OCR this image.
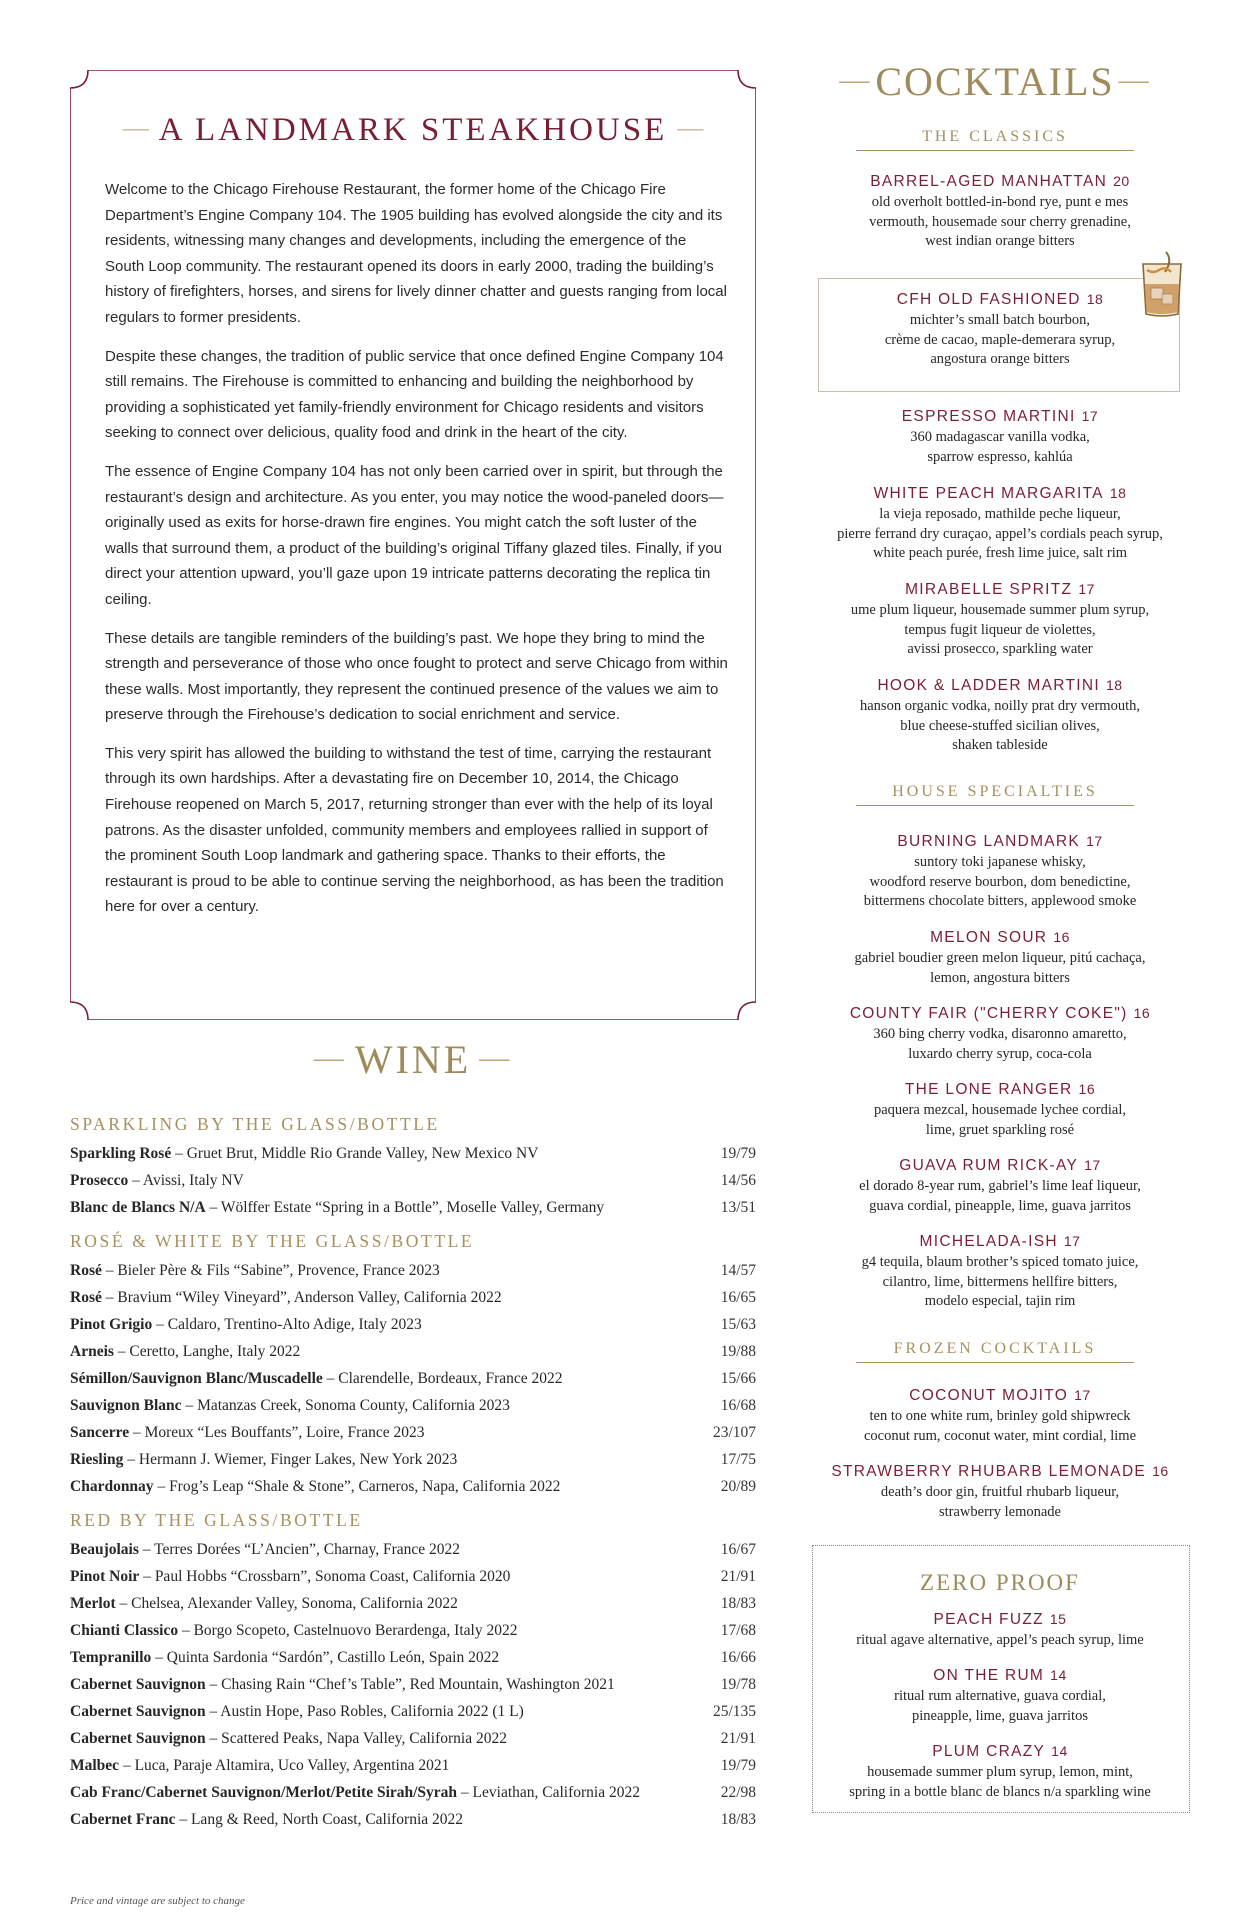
— A LANDMARK STEAKHOUSE —

Welcome to the Chicago Firehouse Restaurant, the former home of the Chicago Fire Department’s Engine Company 104. The 1905 building has evolved alongside the city and its residents, witnessing many changes and developments, including the emergence of the South Loop community. The restaurant opened its doors in early 2000, trading the building’s history of firefighters, horses, and sirens for lively dinner chatter and guests ranging from local regulars to former presidents.

Despite these changes, the tradition of public service that once defined Engine Company 104 still remains. The Firehouse is committed to enhancing and building the neighborhood by providing a sophisticated yet family-friendly environment for Chicago residents and visitors seeking to connect over delicious, quality food and drink in the heart of the city.

The essence of Engine Company 104 has not only been carried over in spirit, but through the restaurant’s design and architecture. As you enter, you may notice the wood-paneled doors—originally used as exits for horse-drawn fire engines. You might catch the soft luster of the walls that surround them, a product of the building’s original Tiffany glazed tiles. Finally, if you direct your attention upward, you’ll gaze upon 19 intricate patterns decorating the replica tin ceiling.

These details are tangible reminders of the building’s past. We hope they bring to mind the strength and perseverance of those who once fought to protect and serve Chicago from within these walls. Most importantly, they represent the continued presence of the values we aim to preserve through the Firehouse’s dedication to social enrichment and service.

This very spirit has allowed the building to withstand the test of time, carrying the restaurant through its own hardships. After a devastating fire on December 10, 2014, the Chicago Firehouse reopened on March 5, 2017, returning stronger than ever with the help of its loyal patrons. As the disaster unfolded, community members and employees rallied in support of the prominent South Loop landmark and gathering space. Thanks to their efforts, the restaurant is proud to be able to continue serving the neighborhood, as has been the tradition here for over a century.

— WINE —
SPARKLING BY THE GLASS/BOTTLE
Sparkling Rosé – Gruet Brut, Middle Rio Grande Valley, New Mexico NV	19/79
Prosecco – Avissi, Italy NV	14/56
Blanc de Blancs N/A – Wölffer Estate “Spring in a Bottle”, Moselle Valley, Germany	13/51
ROSÉ & WHITE BY THE GLASS/BOTTLE
Rosé – Bieler Père & Fils “Sabine”, Provence, France 2023	14/57
Rosé – Bravium “Wiley Vineyard”, Anderson Valley, California 2022	16/65
Pinot Grigio – Caldaro, Trentino-Alto Adige, Italy 2023	15/63
Arneis – Ceretto, Langhe, Italy 2022	19/88
Sémillon/Sauvignon Blanc/Muscadelle – Clarendelle, Bordeaux, France 2022	15/66
Sauvignon Blanc – Matanzas Creek, Sonoma County, California 2023	16/68
Sancerre – Moreux “Les Bouffants”, Loire, France 2023	23/107
Riesling – Hermann J. Wiemer, Finger Lakes, New York 2023	17/75
Chardonnay – Frog’s Leap “Shale & Stone”, Carneros, Napa, California 2022	20/89
RED BY THE GLASS/BOTTLE
Beaujolais – Terres Dorées “L’Ancien”, Charnay, France 2022	16/67
Pinot Noir – Paul Hobbs “Crossbarn”, Sonoma Coast, California 2020	21/91
Merlot – Chelsea, Alexander Valley, Sonoma, California 2022	18/83
Chianti Classico – Borgo Scopeto, Castelnuovo Berardenga, Italy 2022	17/68
Tempranillo – Quinta Sardonia “Sardón”, Castillo León, Spain 2022	16/66
Cabernet Sauvignon – Chasing Rain “Chef’s Table”, Red Mountain, Washington 2021	19/78
Cabernet Sauvignon – Austin Hope, Paso Robles, California 2022 (1 L)	25/135
Cabernet Sauvignon – Scattered Peaks, Napa Valley, California 2022	21/91
Malbec – Luca, Paraje Altamira, Uco Valley, Argentina 2021	19/79
Cab Franc/Cabernet Sauvignon/Merlot/Petite Sirah/Syrah – Leviathan, California 2022	22/98
Cabernet Franc – Lang & Reed, North Coast, California 2022	18/83
Price and vintage are subject to change
— COCKTAILS —
THE CLASSICS
BARREL-AGED MANHATTAN 20
old overholt bottled-in-bond rye, punt e mes
vermouth, housemade sour cherry grenadine,
west indian orange bitters
CFH OLD FASHIONED 18
michter’s small batch bourbon,
crème de cacao, maple-demerara syrup,
angostura orange bitters
ESPRESSO MARTINI 17
360 madagascar vanilla vodka,
sparrow espresso, kahlúa
WHITE PEACH MARGARITA 18
la vieja reposado, mathilde peche liqueur,
pierre ferrand dry curaçao, appel’s cordials peach syrup,
white peach purée, fresh lime juice, salt rim
MIRABELLE SPRITZ 17
ume plum liqueur, housemade summer plum syrup,
tempus fugit liqueur de violettes,
avissi prosecco, sparkling water
HOOK & LADDER MARTINI 18
hanson organic vodka, noilly prat dry vermouth,
blue cheese-stuffed sicilian olives,
shaken tableside
HOUSE SPECIALTIES
BURNING LANDMARK 17
suntory toki japanese whisky,
woodford reserve bourbon, dom benedictine,
bittermens chocolate bitters, applewood smoke
MELON SOUR 16
gabriel boudier green melon liqueur, pitú cachaça,
lemon, angostura bitters
COUNTY FAIR ("CHERRY COKE") 16
360 bing cherry vodka, disaronno amaretto,
luxardo cherry syrup, coca-cola
THE LONE RANGER 16
paquera mezcal, housemade lychee cordial,
lime, gruet sparkling rosé
GUAVA RUM RICK-AY 17
el dorado 8-year rum, gabriel’s lime leaf liqueur,
guava cordial, pineapple, lime, guava jarritos
MICHELADA-ISH 17
g4 tequila, blaum brother’s spiced tomato juice,
cilantro, lime, bittermens hellfire bitters,
modelo especial, tajin rim
FROZEN COCKTAILS
COCONUT MOJITO 17
ten to one white rum, brinley gold shipwreck
coconut rum, coconut water, mint cordial, lime
STRAWBERRY RHUBARB LEMONADE 16
death’s door gin, fruitful rhubarb liqueur,
strawberry lemonade
ZERO PROOF
PEACH FUZZ 15
ritual agave alternative, appel’s peach syrup, lime
ON THE RUM 14
ritual rum alternative, guava cordial,
pineapple, lime, guava jarritos
PLUM CRAZY 14
housemade summer plum syrup, lemon, mint,
spring in a bottle blanc de blancs n/a sparkling wine
